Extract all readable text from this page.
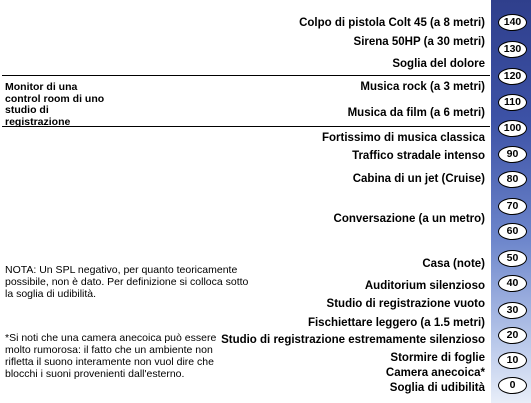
140
130
120
110
100
90
80
70
60
50
40
30
20
10
0
Colpo di pistola Colt 45 (a 8 metri)
Sirena 50HP (a 30 metri)
Soglia del dolore
Musica rock (a 3 metri)
Musica da film (a 6 metri)
Fortissimo di musica classica
Traffico stradale intenso
Cabina di un jet (Cruise)
Conversazione (a un metro)
Casa (note)
Auditorium silenzioso
Studio di registrazione vuoto
Fischiettare leggero (a 1.5 metri)
Studio di registrazione estremamente silenzioso
Stormire di foglie
Camera anecoica*
Soglia di udibilità
Monitor di una control room di uno studio di registrazione
NOTA: Un SPL negativo, per quanto teoricamente possibile, non è dato. Per definizione si colloca sotto la soglia di udibilità.
*Si noti che una camera anecoica può essere molto rumorosa: il fatto che un ambiente non rifletta il suono interamente non vuol dire che blocchi i suoni provenienti dall'esterno.
